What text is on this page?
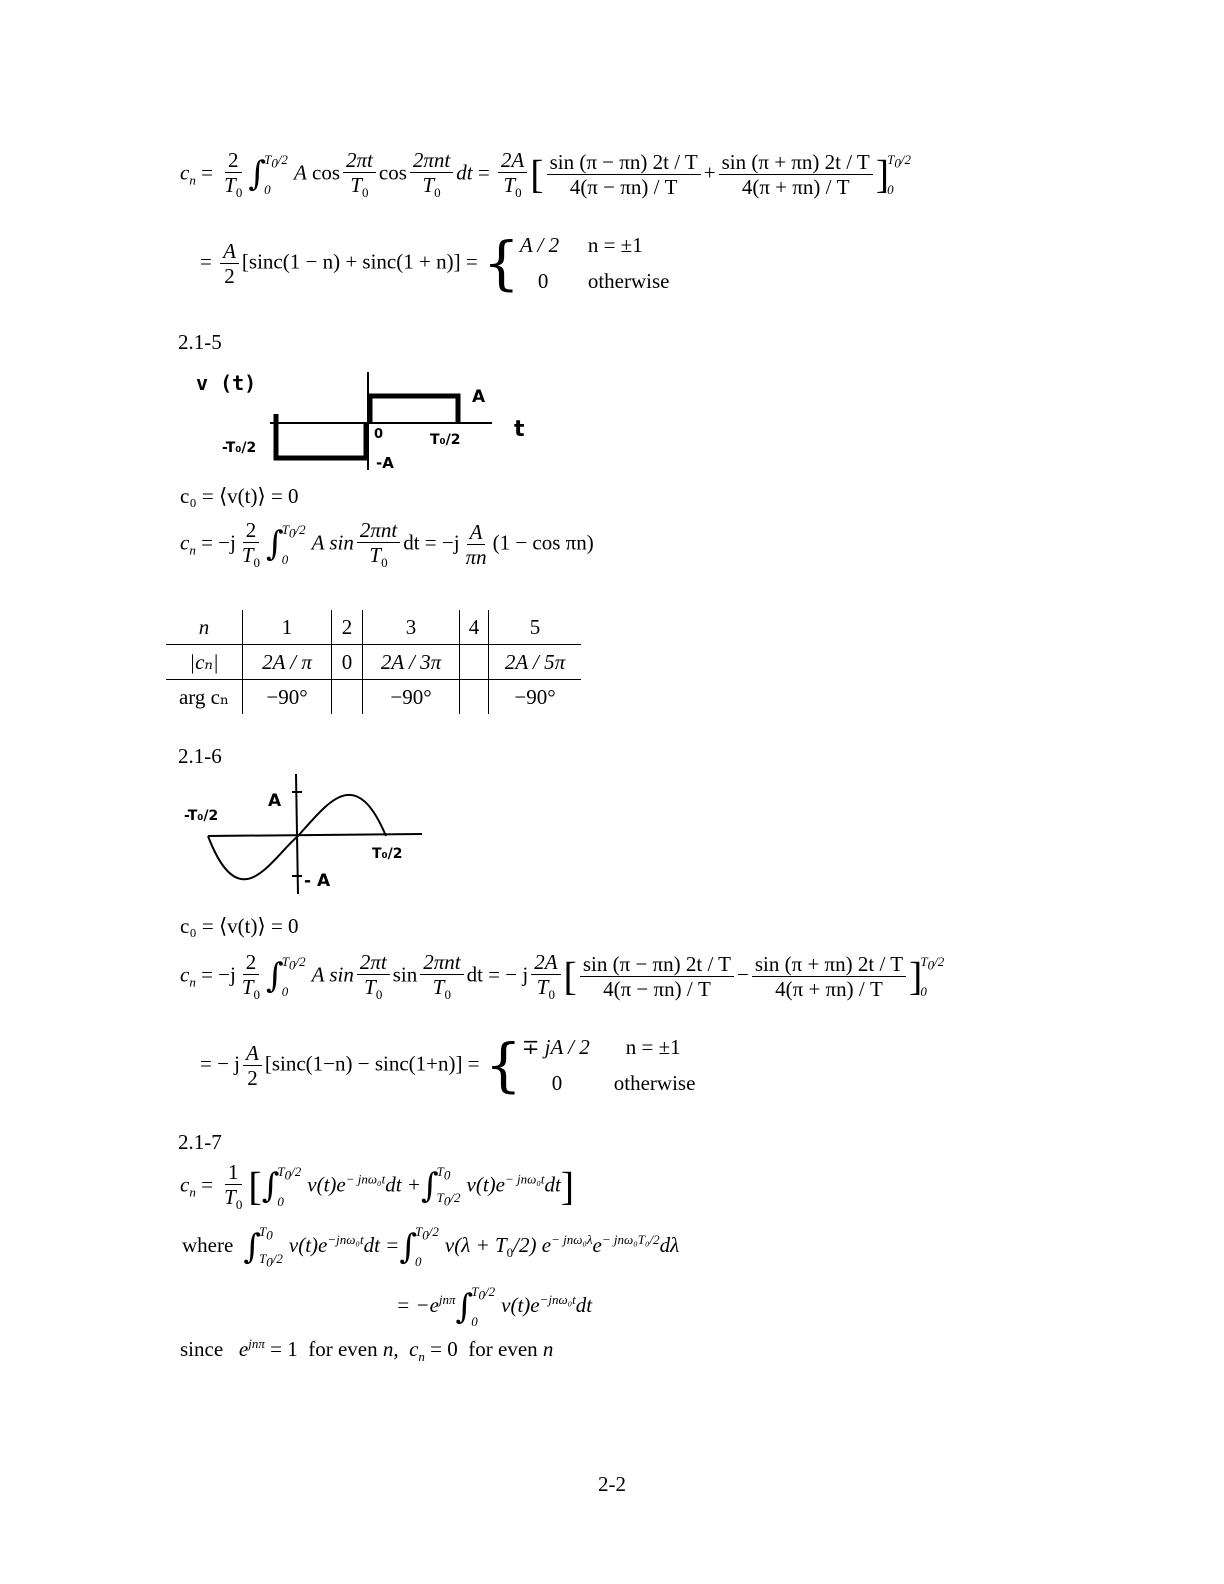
$c_n = \frac{2}{T_0}$ ∫
$T_0/2$
0
A $\cos \frac{2\pi t}{T_0}$ $\cos \frac{\text{2πnt}}{T_0}$ dt = $\frac{2A}{T_0}$ [ $\frac{\sin (\pi - \pi n) 2t / T}{4(\pi - \pi n) / T} + \frac{\sin (\pi + \pi n) 2t / T}{4(\pi + \pi n) / T}$ ]
$T_0/2$
0
= $\frac{A}{2} [\sin c(1 - n) + \sin c(1 + n)]$ = { A / 2 n = ±1
0 otherwise
2.1-5
v (t)
A
t
-T₀/2
0	T₀/2
-A
c₀ = ⟨v(t)⟩ = 0
$c_n = -j \frac{2}{T_0}$ ∫
$T_0/2$
0
A $\sin \frac{\text{2πnt}}{T_0}$ dt = $-j \frac{A}{\pi n} (1 - \cos \pi n)$
n	1	2	3	4	5
|cₙ|	2A / π	0	2A / 3π		2A / 5π
arg cₙ	−90°		−90°		−90°
2.1-6
-T₀/2
A
T₀/2
- A
c₀ = ⟨v(t)⟩ = 0
$c_n = -j \frac{2}{T_0}$ ∫
$T_0/2$
0
A $\sin \frac{2\pi t}{T_0}$ $\sin \frac{\text{2πnt}}{T_0}$ dt = − j $\frac{2A}{T_0}$ [ $\frac{\sin (\pi - \pi n) 2t / T}{4(\pi - \pi n) / T} - \frac{\sin (\pi + \pi n) 2t / T}{4(\pi + \pi n) / T}$ ]
$T_0/2$
0
= − j $\frac{A}{2} [\sin c(1-n) - \sin c(1+n)]$ = { ∓ jA / 2 n = ±1
0 otherwise
2.1-7
$c_n = \frac{1}{T_0}$ [∫
$T_0/2$
0
$v(t)e^{- jn\omega_0t}dt$ +∫
$T_0$
$T_0/2$
$v(t)e^{- jn\omega_0t}dt$]
where ∫
$T_0$
$T_0/2$
$v(t)e^{-jn\omega_0t}dt$ =∫
$T_0/2$
0
$v(\lambda + T_0/2)$ $e^{- jn\omega_0\lambda}e^{- jn\omega_0T_0/2}d\lambda$
= $-e^{jn\pi}\int$
$T_0/2$
0
$v(t)e^{-jn\omega_0t}dt$
since $e^{jn\pi} = 1$ for even n,  $c_n = 0$ for even n
2-2
